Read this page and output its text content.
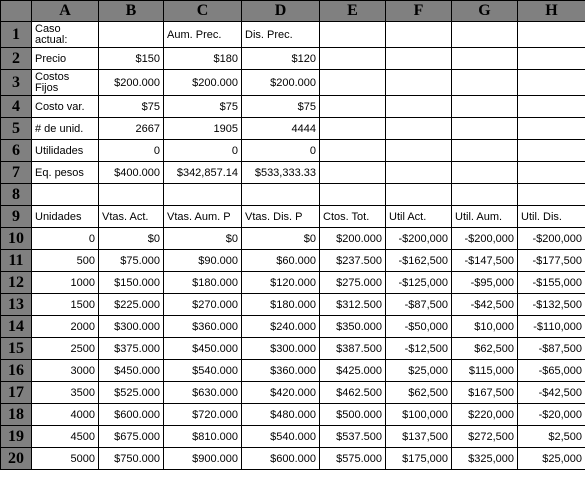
	A	B	C	D	E	F	G	H
1	Caso actual:		Aum. Prec.	Dis. Prec.				
2	Precio	$150	$180	$120				
3	Costos Fijos	$200.000	$200.000	$200.000				
4	Costo var.	$75	$75	$75				
5	# de unid.	2667	1905	4444				
6	Utilidades	0	0	0				
7	Eq. pesos	$400.000	$342,857.14	$533,333.33				
8								
9	Unidades	Vtas. Act.	Vtas. Aum. P	Vtas. Dis. P	Ctos. Tot.	Util Act.	Util. Aum.	Util. Dis.
10	0	$0	$0	$0	$200.000	-$200,000	-$200,000	-$200,000
11	500	$75.000	$90.000	$60.000	$237.500	-$162,500	-$147,500	-$177,500
12	1000	$150.000	$180.000	$120.000	$275.000	-$125,000	-$95,000	-$155,000
13	1500	$225.000	$270.000	$180.000	$312.500	-$87,500	-$42,500	-$132,500
14	2000	$300.000	$360.000	$240.000	$350.000	-$50,000	$10,000	-$110,000
15	2500	$375.000	$450.000	$300.000	$387.500	-$12,500	$62,500	-$87,500
16	3000	$450.000	$540.000	$360.000	$425.000	$25,000	$115,000	-$65,000
17	3500	$525.000	$630.000	$420.000	$462.500	$62,500	$167,500	-$42,500
18	4000	$600.000	$720.000	$480.000	$500.000	$100,000	$220,000	-$20,000
19	4500	$675.000	$810.000	$540.000	$537.500	$137,500	$272,500	$2,500
20	5000	$750.000	$900.000	$600.000	$575.000	$175,000	$325,000	$25,000
